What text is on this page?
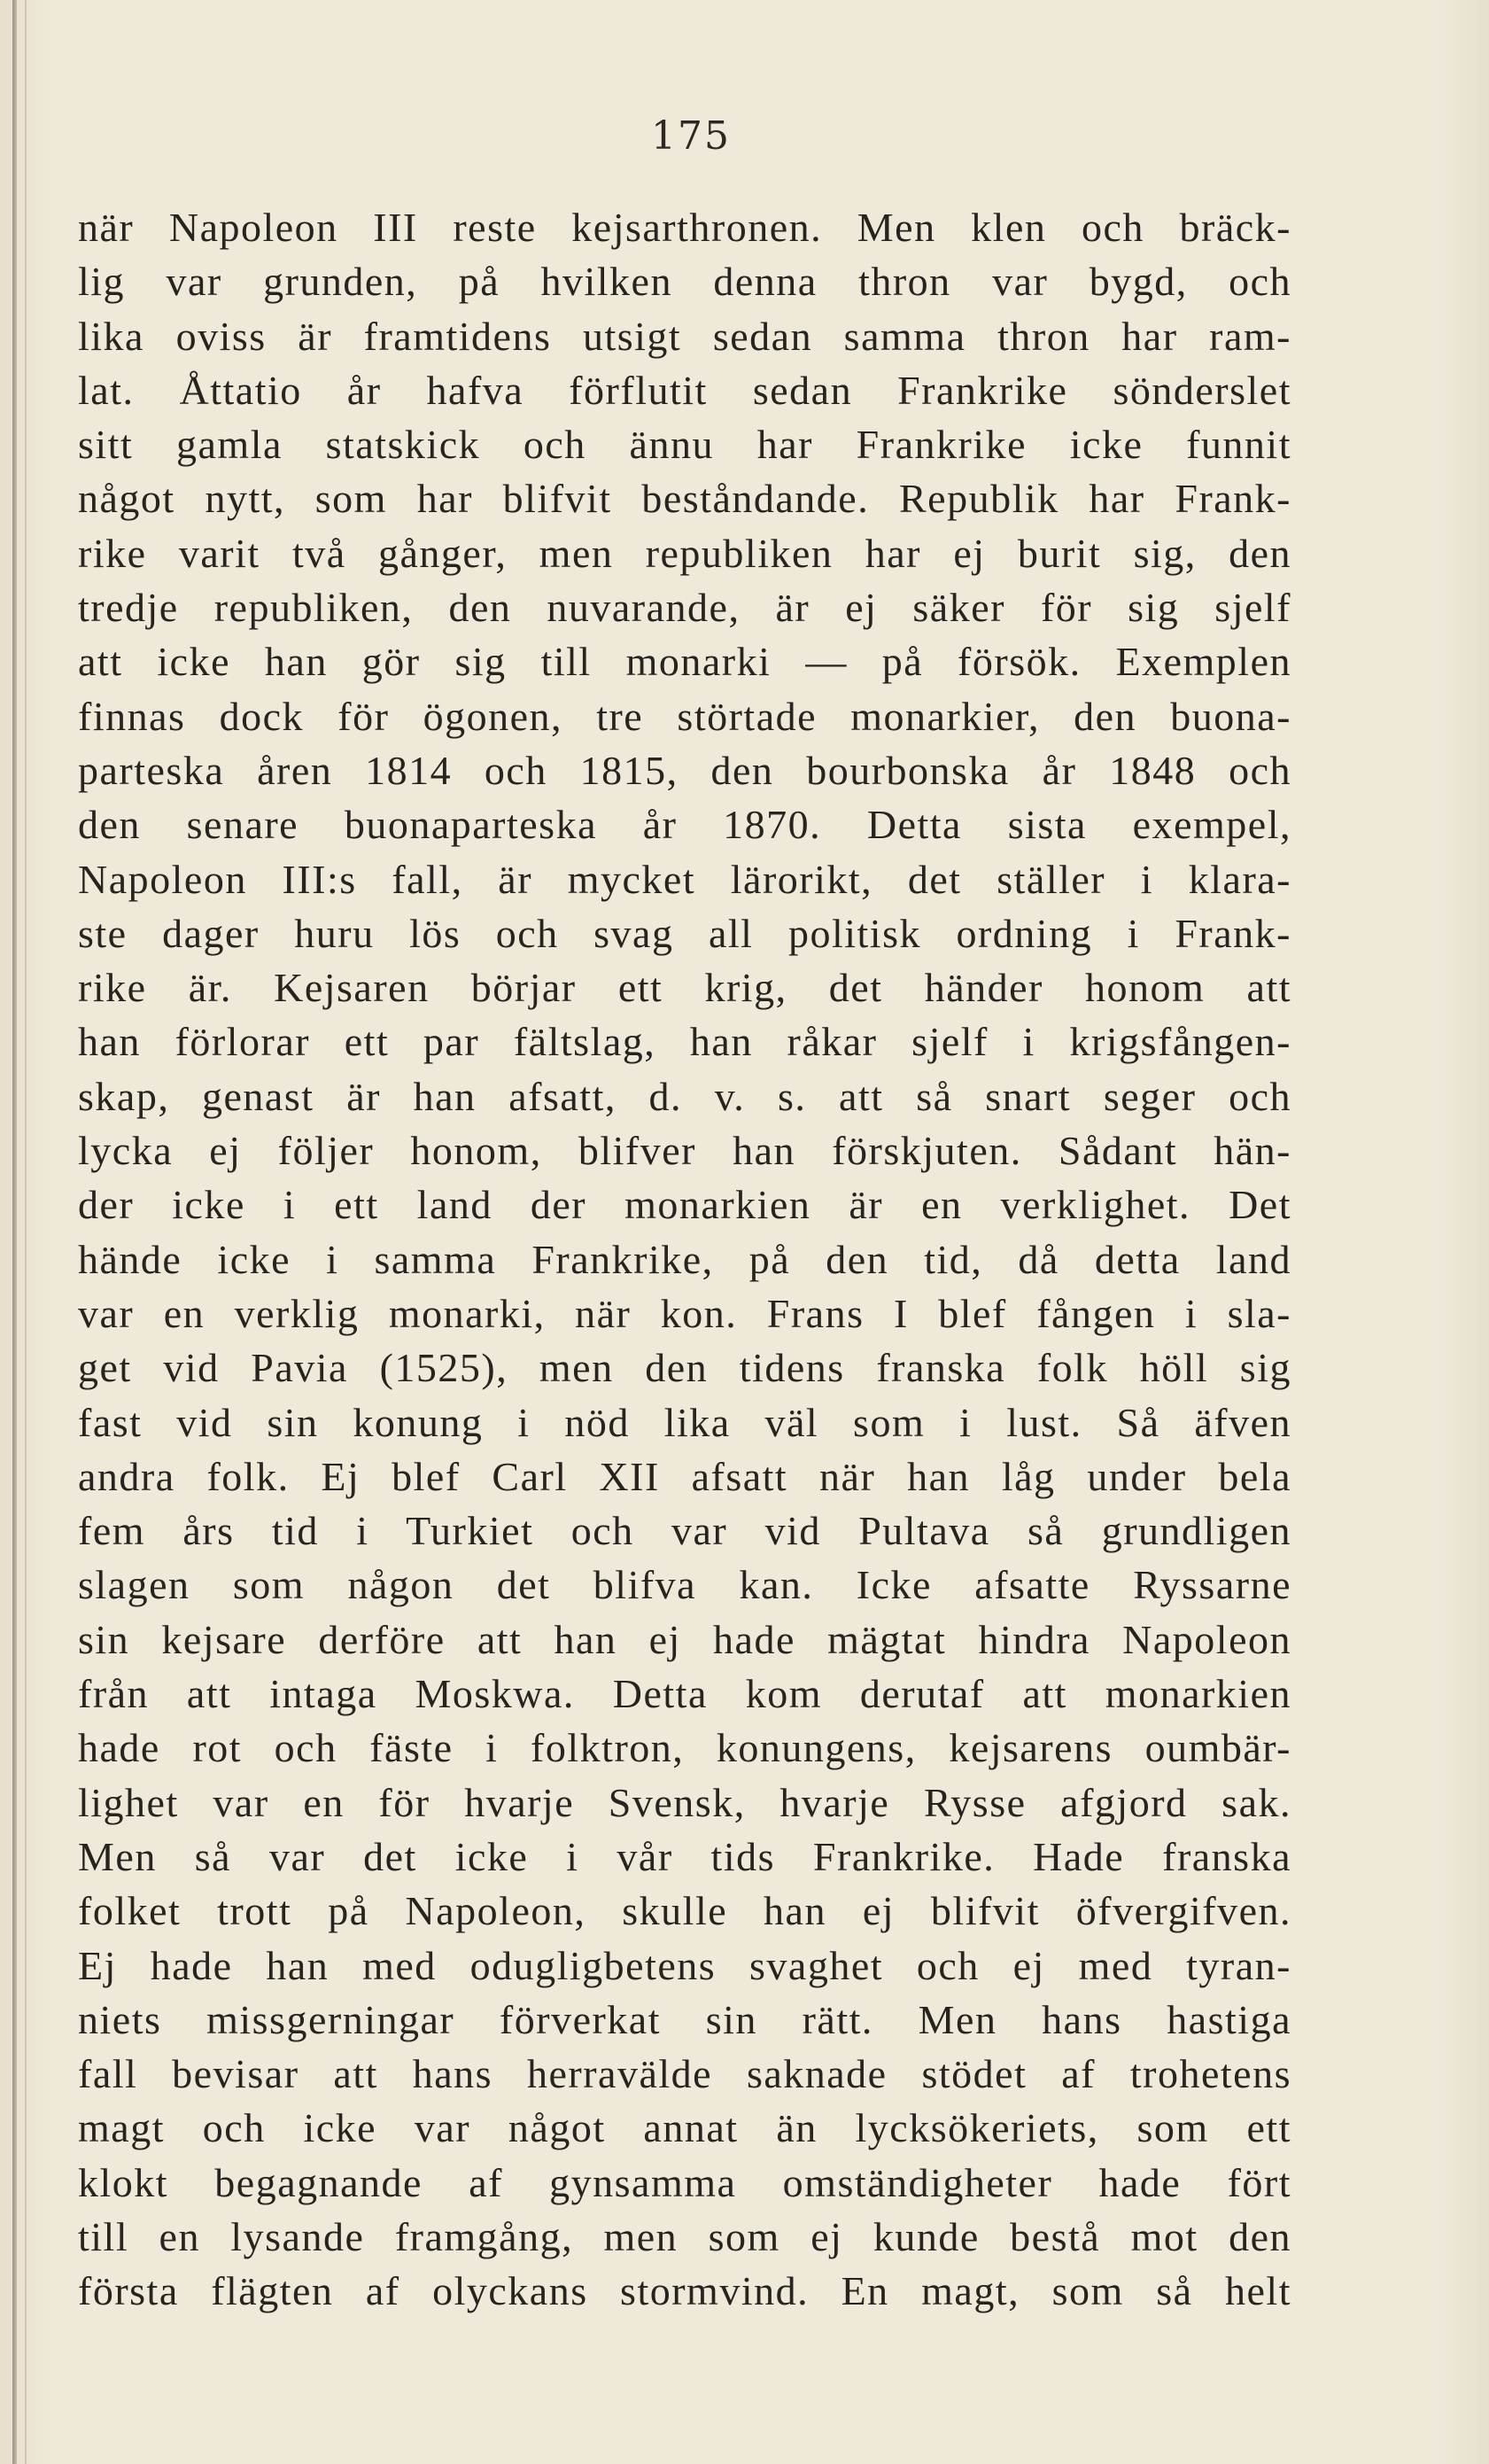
175
när Napoleon III reste kejsarthronen. Men klen och bräck-
lig var grunden, på hvilken denna thron var bygd, och
lika oviss är framtidens utsigt sedan samma thron har ram-
lat. Åttatio år hafva förflutit sedan Frankrike sönderslet
sitt gamla statskick och ännu har Frankrike icke funnit
något nytt, som har blifvit beståndande. Republik har Frank-
rike varit två gånger, men republiken har ej burit sig, den
tredje republiken, den nuvarande, är ej säker för sig sjelf
att icke han gör sig till monarki — på försök. Exemplen
finnas dock för ögonen, tre störtade monarkier, den buona-
parteska åren 1814 och 1815, den bourbonska år 1848 och
den senare buonaparteska år 1870. Detta sista exempel,
Napoleon III:s fall, är mycket lärorikt, det ställer i klara-
ste dager huru lös och svag all politisk ordning i Frank-
rike är. Kejsaren börjar ett krig, det händer honom att
han förlorar ett par fältslag, han råkar sjelf i krigsfången-
skap, genast är han afsatt, d. v. s. att så snart seger och
lycka ej följer honom, blifver han förskjuten. Sådant hän-
der icke i ett land der monarkien är en verklighet. Det
hände icke i samma Frankrike, på den tid, då detta land
var en verklig monarki, när kon. Frans I blef fången i sla-
get vid Pavia (1525), men den tidens franska folk höll sig
fast vid sin konung i nöd lika väl som i lust. Så äfven
andra folk. Ej blef Carl XII afsatt när han låg under bela
fem års tid i Turkiet och var vid Pultava så grundligen
slagen som någon det blifva kan. Icke afsatte Ryssarne
sin kejsare derföre att han ej hade mägtat hindra Napoleon
från att intaga Moskwa. Detta kom derutaf att monarkien
hade rot och fäste i folktron, konungens, kejsarens oumbär-
lighet var en för hvarje Svensk, hvarje Rysse afgjord sak.
Men så var det icke i vår tids Frankrike. Hade franska
folket trott på Napoleon, skulle han ej blifvit öfvergifven.
Ej hade han med odugligbetens svaghet och ej med tyran-
niets missgerningar förverkat sin rätt. Men hans hastiga
fall bevisar att hans herravälde saknade stödet af trohetens
magt och icke var något annat än lycksökeriets, som ett
klokt begagnande af gynsamma omständigheter hade fört
till en lysande framgång, men som ej kunde bestå mot den
första flägten af olyckans stormvind. En magt, som så helt
